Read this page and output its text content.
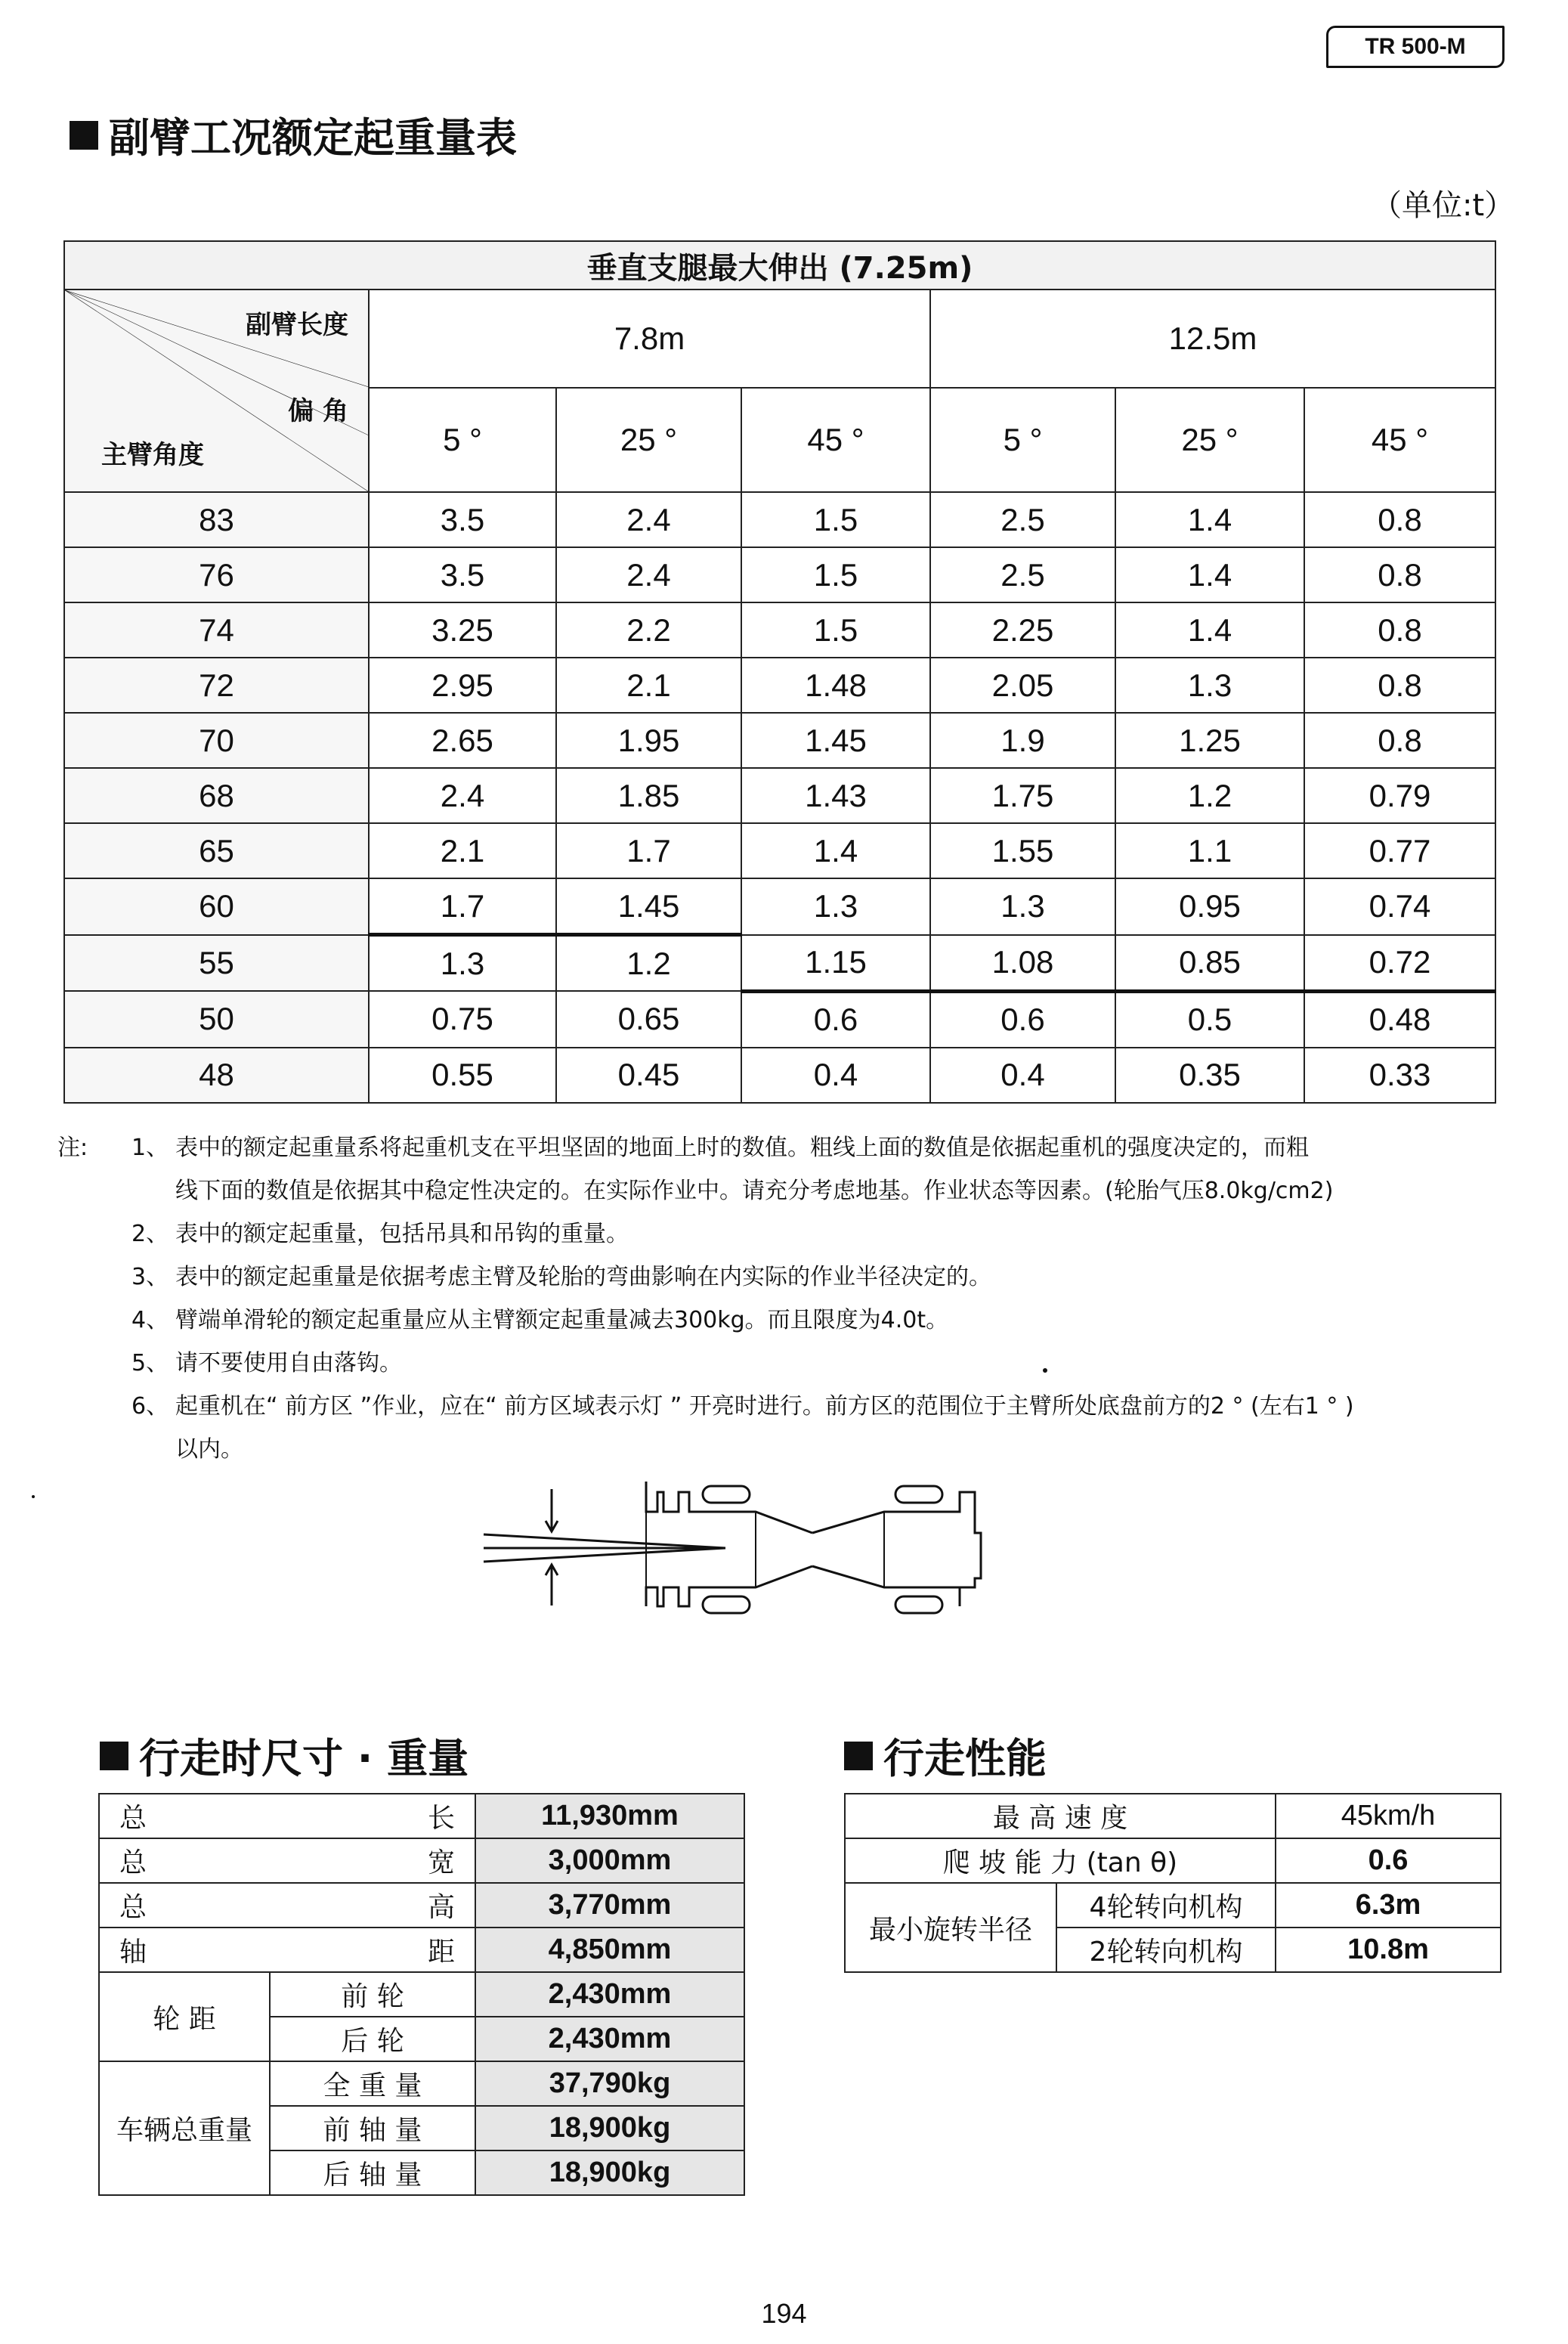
TR 500-M
副臂工况额定起重量表
（单位:t）
垂直支腿最大伸出 (7.25m)						

副臂长度
偏 角
主臂角度	7.8m			12.5m		
	5 °	25 °	45 °	5 °	25 °	45 °
83	3.5	2.4	1.5	2.5	1.4	0.8
76	3.5	2.4	1.5	2.5	1.4	0.8
74	3.25	2.2	1.5	2.25	1.4	0.8
72	2.95	2.1	1.48	2.05	1.3	0.8
70	2.65	1.95	1.45	1.9	1.25	0.8
68	2.4	1.85	1.43	1.75	1.2	0.79
65	2.1	1.7	1.4	1.55	1.1	0.77
60	1.7	1.45	1.3	1.3	0.95	0.74
55	1.3	1.2	1.15	1.08	0.85	0.72
50	0.75	0.65	0.6	0.6	0.5	0.48
48	0.55	0.45	0.4	0.4	0.35	0.33
注:	1、 表中的额定起重量系将起重机支在平坦坚固的地面上时的数值。粗线上面的数值是依据起重机的强度决定的，而粗
线下面的数值是依据其中稳定性决定的。在实际作业中。请充分考虑地基。作业状态等因素。(轮胎气压8.0kg/cm2)
2、 表中的额定起重量，包括吊具和吊钩的重量。
3、 表中的额定起重量是依据考虑主臂及轮胎的弯曲影响在内实际的作业半径决定的。
4、 臂端单滑轮的额定起重量应从主臂额定起重量减去300kg。而且限度为4.0t。
5、 请不要使用自由落钩。
6、 起重机在“ 前方区 ”作业，应在“ 前方区域表示灯 ” 开亮时进行。前方区的范围位于主臂所处底盘前方的2 ° (左右1 ° )
以内。
行走时尺寸 · 重量
总 长		11,930mm

总 宽		3,000mm

总 高		3,770mm

轴 距		4,850mm
轮 距	前 轮	2,430mm
	后 轮	2,430mm
车辆总重量	全 重 量	37,790kg
	前 轴 量	18,900kg
	后 轴 量	18,900kg
行走性能
最 高 速 度		45km/h
爬 坡 能 力 (tan θ)		0.6
最小旋转半径	4轮转向机构	6.3m
	2轮转向机构	10.8m
194
